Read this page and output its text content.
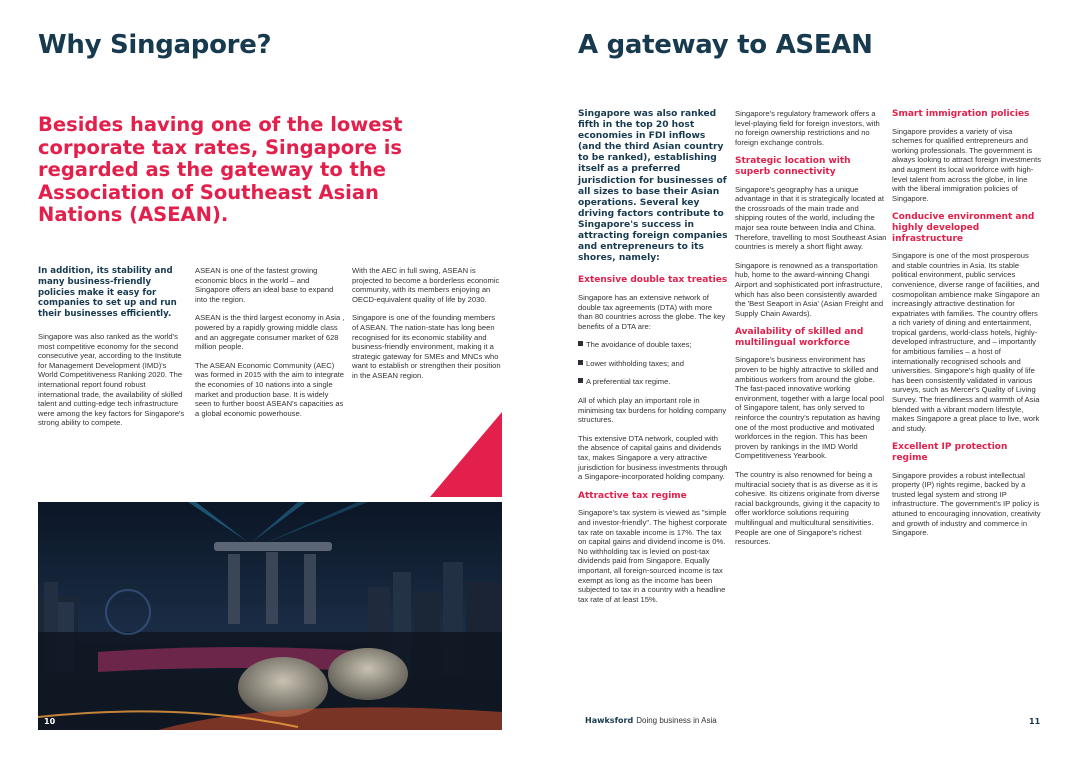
Why Singapore?
Besides having one of the lowest corporate tax rates, Singapore is regarded as the gateway to the Association of Southeast Asian Nations (ASEAN).
In addition, its stability and many business-friendly policies make it easy for companies to set up and run their businesses efficiently.

Singapore was also ranked as the world's most competitive economy for the second consecutive year, according to the Institute for Management Development (IMD)'s World Competitiveness Ranking 2020. The international report found robust international trade, the availability of skilled talent and cutting-edge tech infrastructure were among the key factors for Singapore's strong ability to compete.

ASEAN is one of the fastest growing economic blocs in the world – and Singapore offers an ideal base to expand into the region.

ASEAN is the third largest economy in Asia , powered by a rapidly growing middle class and an aggregate consumer market of 628 million people.

The ASEAN Economic Community (AEC) was formed in 2015 with the aim to integrate the economies of 10 nations into a single market and production base. It is widely seen to further boost ASEAN's capacities as a global economic powerhouse.

With the AEC in full swing, ASEAN is projected to become a borderless economic community, with its members enjoying an OECD-equivalent quality of life by 2030.

Singapore is one of the founding members of ASEAN. The nation-state has long been recognised for its economic stability and business-friendly environment, making it a strategic gateway for SMEs and MNCs who want to establish or strengthen their position in the ASEAN region.

10
A gateway to ASEAN
Singapore was also ranked fifth in the top 20 host economies in FDI inflows (and the third Asian country to be ranked), establishing itself as a preferred jurisdiction for businesses of all sizes to base their Asian operations. Several key driving factors contribute to Singapore's success in attracting foreign companies and entrepreneurs to its shores, namely:
Extensive double tax treaties

Singapore has an extensive network of double tax agreements (DTA) with more than 80 countries across the globe. The key benefits of a DTA are:

The avoidance of double taxes;
Lower withholding taxes; and
A preferential tax regime.

All of which play an important role in minimising tax burdens for holding company structures.

This extensive DTA network, coupled with the absence of capital gains and dividends tax, makes Singapore a very attractive jurisdiction for business investments through a Singapore-incorporated holding company.

Attractive tax regime

Singapore's tax system is viewed as "simple and investor-friendly". The highest corporate tax rate on taxable income is 17%. The tax on capital gains and dividend income is 0%. No withholding tax is levied on post-tax dividends paid from Singapore. Equally important, all foreign-sourced income is tax exempt as long as the income has been subjected to tax in a country with a headline tax rate of at least 15%.

Singapore's regulatory framework offers a level-playing field for foreign investors, with no foreign ownership restrictions and no foreign exchange controls.

Strategic location with superb connectivity

Singapore's geography has a unique advantage in that it is strategically located at the crossroads of the main trade and shipping routes of the world, including the major sea route between India and China. Therefore, travelling to most Southeast Asian countries is merely a short flight away.

Singapore is renowned as a transportation hub, home to the award-winning Changi Airport and sophisticated port infrastructure, which has also been consistently awarded the 'Best Seaport in Asia' (Asian Freight and Supply Chain Awards).

Availability of skilled and multilingual workforce

Singapore's business environment has proven to be highly attractive to skilled and ambitious workers from around the globe. The fast-paced innovative working environment, together with a large local pool of Singapore talent, has only served to reinforce the country's reputation as having one of the most productive and motivated workforces in the region. This has been proven by rankings in the IMD World Competitiveness Yearbook.

The country is also renowned for being a multiracial society that is as diverse as it is cohesive. Its citizens originate from diverse racial backgrounds, giving it the capacity to offer workforce solutions requiring multilingual and multicultural sensitivities. People are one of Singapore's richest resources.

Smart immigration policies

Singapore provides a variety of visa schemes for qualified entrepreneurs and working professionals. The government is always looking to attract foreign investments and augment its local workforce with high-level talent from across the globe, in line with the liberal immigration policies of Singapore.

Conducive environment and highly developed infrastructure

Singapore is one of the most prosperous and stable countries in Asia. Its stable political environment, public services convenience, diverse range of facilities, and cosmopolitan ambience make Singapore an increasingly attractive destination for expatriates with families. The country offers a rich variety of dining and entertainment, tropical gardens, world-class hotels, highly-developed infrastructure, and – importantly for ambitious families – a host of internationally recognised schools and universities. Singapore's high quality of life has been consistently validated in various surveys, such as Mercer's Quality of Living Survey. The friendliness and warmth of Asia blended with a vibrant modern lifestyle, makes Singapore a great place to live, work and study.

Excellent IP protection regime

Singapore provides a robust intellectual property (IP) rights regime, backed by a trusted legal system and strong IP infrastructure. The government's IP policy is attuned to encouraging innovation, creativity and growth of industry and commerce in Singapore.

Hawksford Doing business in Asia	11
